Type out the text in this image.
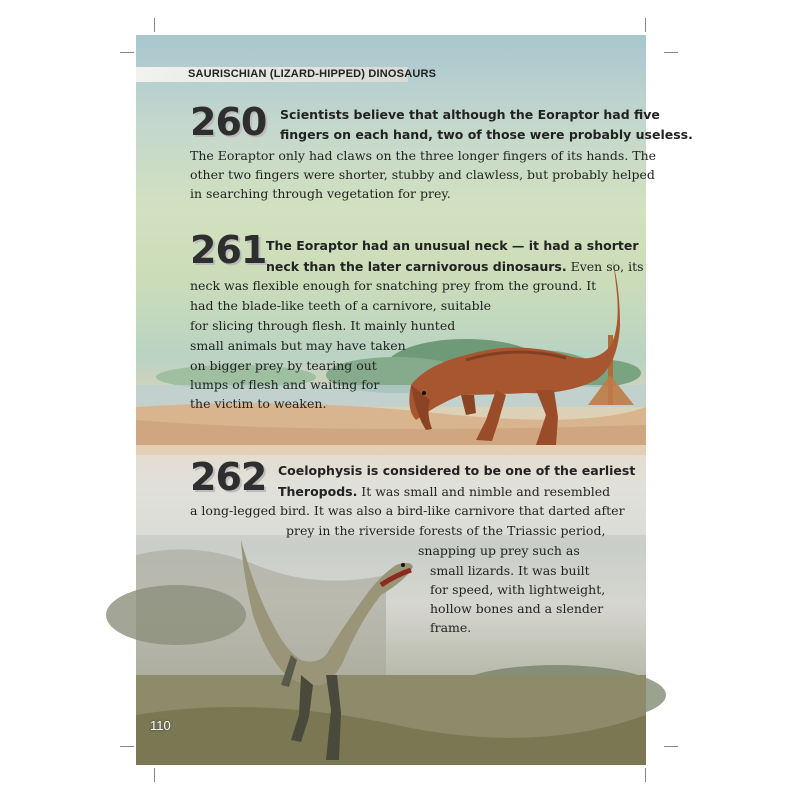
SAURISCHIAN (LIZARD-HIPPED) DINOSAURS
260 Scientists believe that although the Eoraptor had five
fingers on each hand, two of those were probably useless.
The Eoraptor only had claws on the three longer fingers of its hands. The
other two fingers were shorter, stubby and clawless, but probably helped
in searching through vegetation for prey.
261 The Eoraptor had an unusual neck — it had a shorter
neck than the later carnivorous dinosaurs. Even so, its
neck was flexible enough for snatching prey from the ground. It
had the blade-like teeth of a carnivore, suitable
for slicing through flesh. It mainly hunted
small animals but may have taken
on bigger prey by tearing out
lumps of flesh and waiting for
the victim to weaken.
262 Coelophysis is considered to be one of the earliest
Theropods. It was small and nimble and resembled
a long-legged bird. It was also a bird-like carnivore that darted after
prey in the riverside forests of the Triassic period,
snapping up prey such as
small lizards. It was built
for speed, with lightweight,
hollow bones and a slender
frame.
110
